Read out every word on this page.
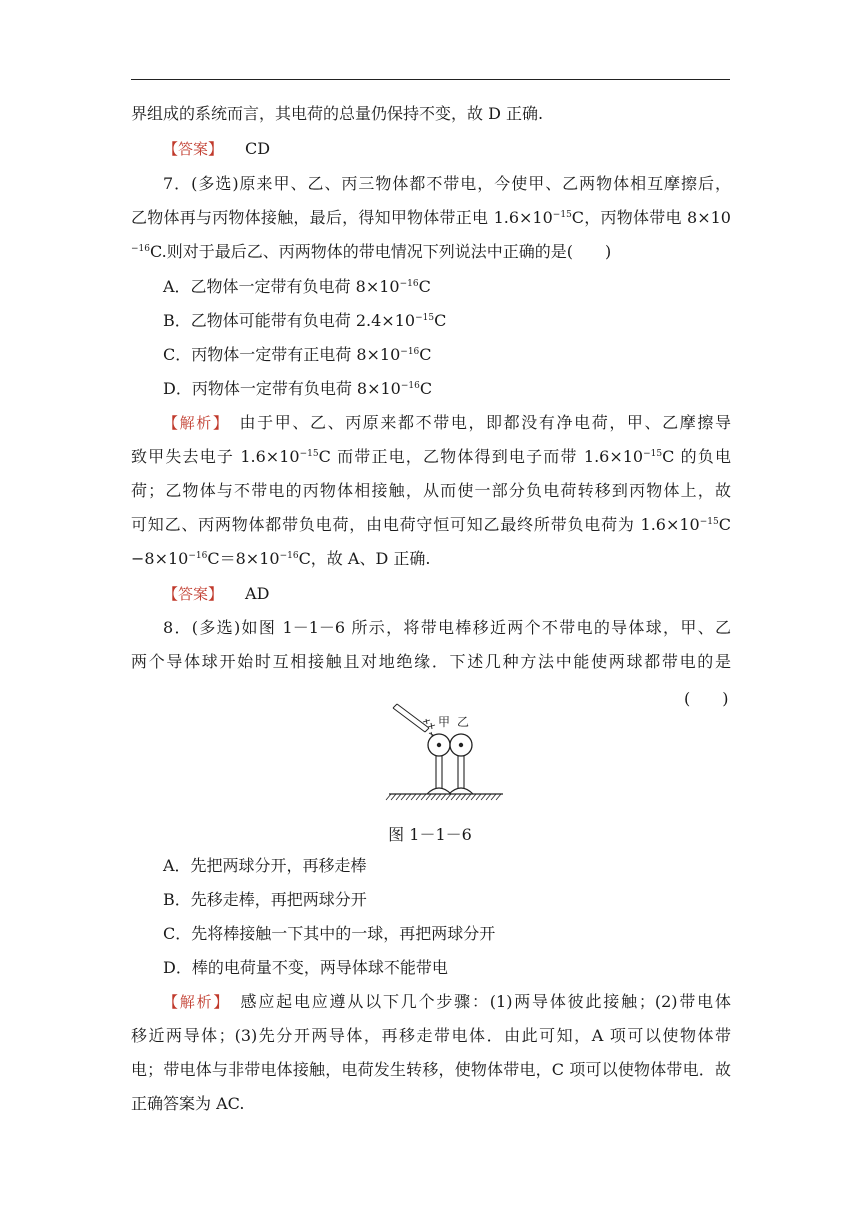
界组成的系统而言，其电荷的总量仍保持不变，故 D 正确.
【答案】 CD
7．(多选)原来甲、乙、丙三物体都不带电，今使甲、乙两物体相互摩擦后，
乙物体再与丙物体接触，最后，得知甲物体带正电 $1.6\times 10^{-15}C$，丙物体带电 8×10
$^{-16}$C.则对于最后乙、丙两物体的带电情况下列说法中正确的是(　　)
A．乙物体一定带有负电荷 $8\times 10^{-16}C$
B．乙物体可能带有负电荷 $2.4\times 10^{-15}C$
C．丙物体一定带有正电荷 $8\times 10^{-16}C$
D．丙物体一定带有负电荷 $8\times 10^{-16}C$
【解析】　 由于甲、乙、丙原来都不带电，即都没有净电荷，甲、乙摩擦导
致甲失去电子 $1.6\times 10^{-15}C$ 而带正电，乙物体得到电子而带 $1.6\times 10^{-15}C$ 的负电
荷；乙物体与不带电的丙物体相接触，从而使一部分负电荷转移到丙物体上，故
可知乙、丙两物体都带负电荷，由电荷守恒可知乙最终所带负电荷为 $1.6\times 10^{-15}C$
$-8\times 10^{-16}C=8\times 10^{-16}C$，故 A、D 正确.
【答案】 AD
8．(多选)如图 1－1－6 所示，将带电棒移近两个不带电的导体球，甲、乙
两个导体球开始时互相接触且对地绝缘．下述几种方法中能使两球都带电的是
(　　)
甲 乙
图 1－1－6
A．先把两球分开，再移走棒
B．先移走棒，再把两球分开
C．先将棒接触一下其中的一球，再把两球分开
D．棒的电荷量不变，两导体球不能带电
【解析】　 感应起电应遵从以下几个步骤：(1)两导体彼此接触；(2)带电体
移近两导体；(3)先分开两导体，再移走带电体．由此可知，A 项可以使物体带
电；带电体与非带电体接触，电荷发生转移，使物体带电，C 项可以使物体带电．故
正确答案为 AC.
